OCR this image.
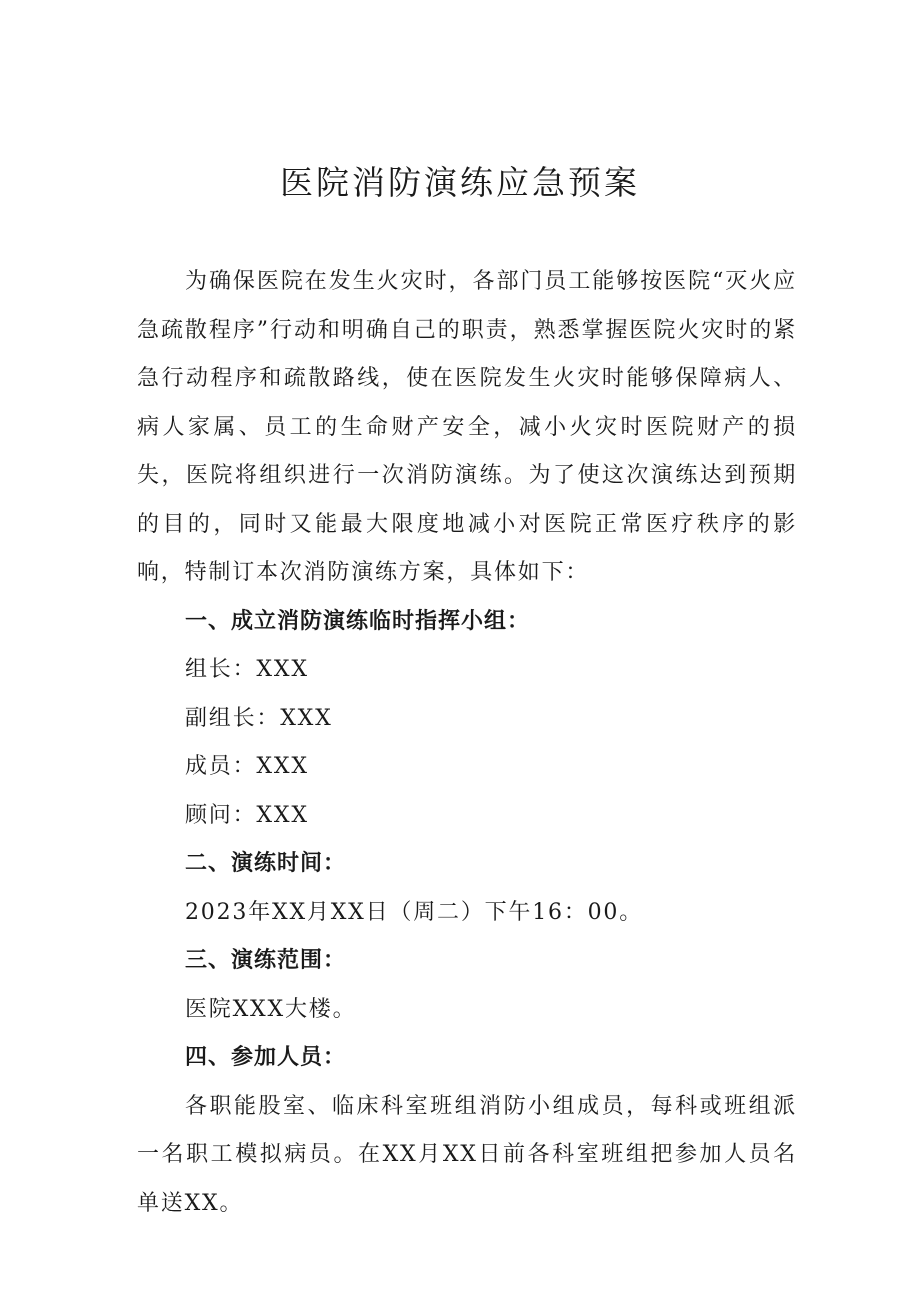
医院消防演练应急预案

为确保医院在发生火灾时，各部门员工能够按医院“灭火应急疏散程序”行动和明确自己的职责，熟悉掌握医院火灾时的紧急行动程序和疏散路线，使在医院发生火灾时能够保障病人、病人家属、员工的生命财产安全，减小火灾时医院财产的损失，医院将组织进行一次消防演练。为了使这次演练达到预期的目的，同时又能最大限度地减小对医院正常医疗秩序的影响，特制订本次消防演练方案，具体如下：

一、成立消防演练临时指挥小组：

组长：XXX

副组长：XXX

成员：XXX

顾问：XXX

二、演练时间：

2023年XX月XX日（周二）下午16：00。

三、演练范围：

医院XXX大楼。

四、参加人员：

各职能股室、临床科室班组消防小组成员，每科或班组派一名职工模拟病员。在XX月XX日前各科室班组把参加人员名单送XX。
